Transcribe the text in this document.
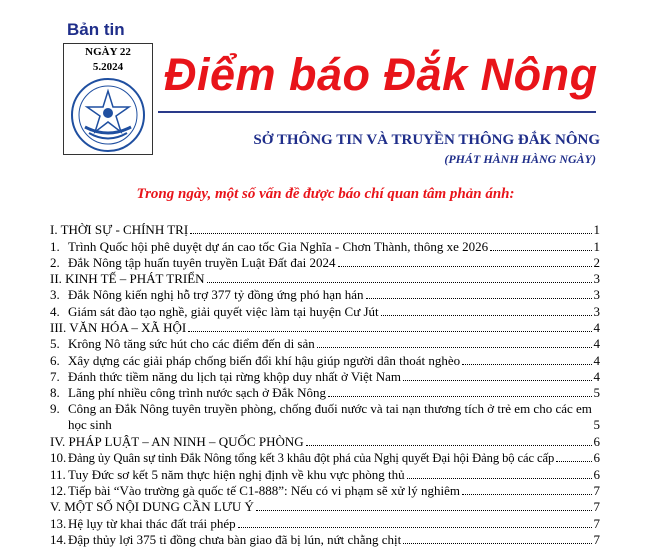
Bản tin
NGÀY 22
5.2024 Điểm báo Đắk Nông
SỞ THÔNG TIN VÀ TRUYỀN THÔNG ĐẮK NÔNG
(PHÁT HÀNH HÀNG NGÀY)
Trong ngày, một số vấn đề được báo chí quan tâm phản ánh:
I. THỜI SỰ - CHÍNH TRỊ	1
1. Trình Quốc hội phê duyệt dự án cao tốc Gia Nghĩa - Chơn Thành, thông xe 2026	1
2. Đắk Nông tập huấn tuyên truyền Luật Đất đai 2024	2
II. KINH TẾ – PHÁT TRIỂN	3
3. Đắk Nông kiến nghị hỗ trợ 377 tỷ đồng ứng phó hạn hán	3
4. Giám sát đào tạo nghề, giải quyết việc làm tại huyện Cư Jút	3
III. VĂN HÓA – XÃ HỘI	4
5. Krông Nô tăng sức hút cho các điểm đến di sản	4
6. Xây dựng các giải pháp chống biến đổi khí hậu giúp người dân thoát nghèo	4
7. Đánh thức tiềm năng du lịch tại rừng khộp duy nhất ở Việt Nam	4
8. Lãng phí nhiều công trình nước sạch ở Đắk Nông	5
9. Công an Đắk Nông tuyên truyền phòng, chống đuối nước và tai nạn thương tích ở trẻ em cho các em học sinh	5
IV. PHÁP LUẬT – AN NINH – QUỐC PHÒNG	6
10. Đảng ủy Quân sự tỉnh Đắk Nông tổng kết 3 khâu đột phá của Nghị quyết Đại hội Đảng bộ các cấp	6
11. Tuy Đức sơ kết 5 năm thực hiện nghị định về khu vực phòng thủ	6
12. Tiếp bài “Vào trường gà quốc tế C1-888”: Nếu có vi phạm sẽ xử lý nghiêm	7
V. MỘT SỐ NỘI DUNG CẦN LƯU Ý	7
13. Hệ lụy từ khai thác đất trái phép	7
14. Đập thủy lợi 375 tỉ đồng chưa bàn giao đã bị lún, nứt chằng chịt	7
